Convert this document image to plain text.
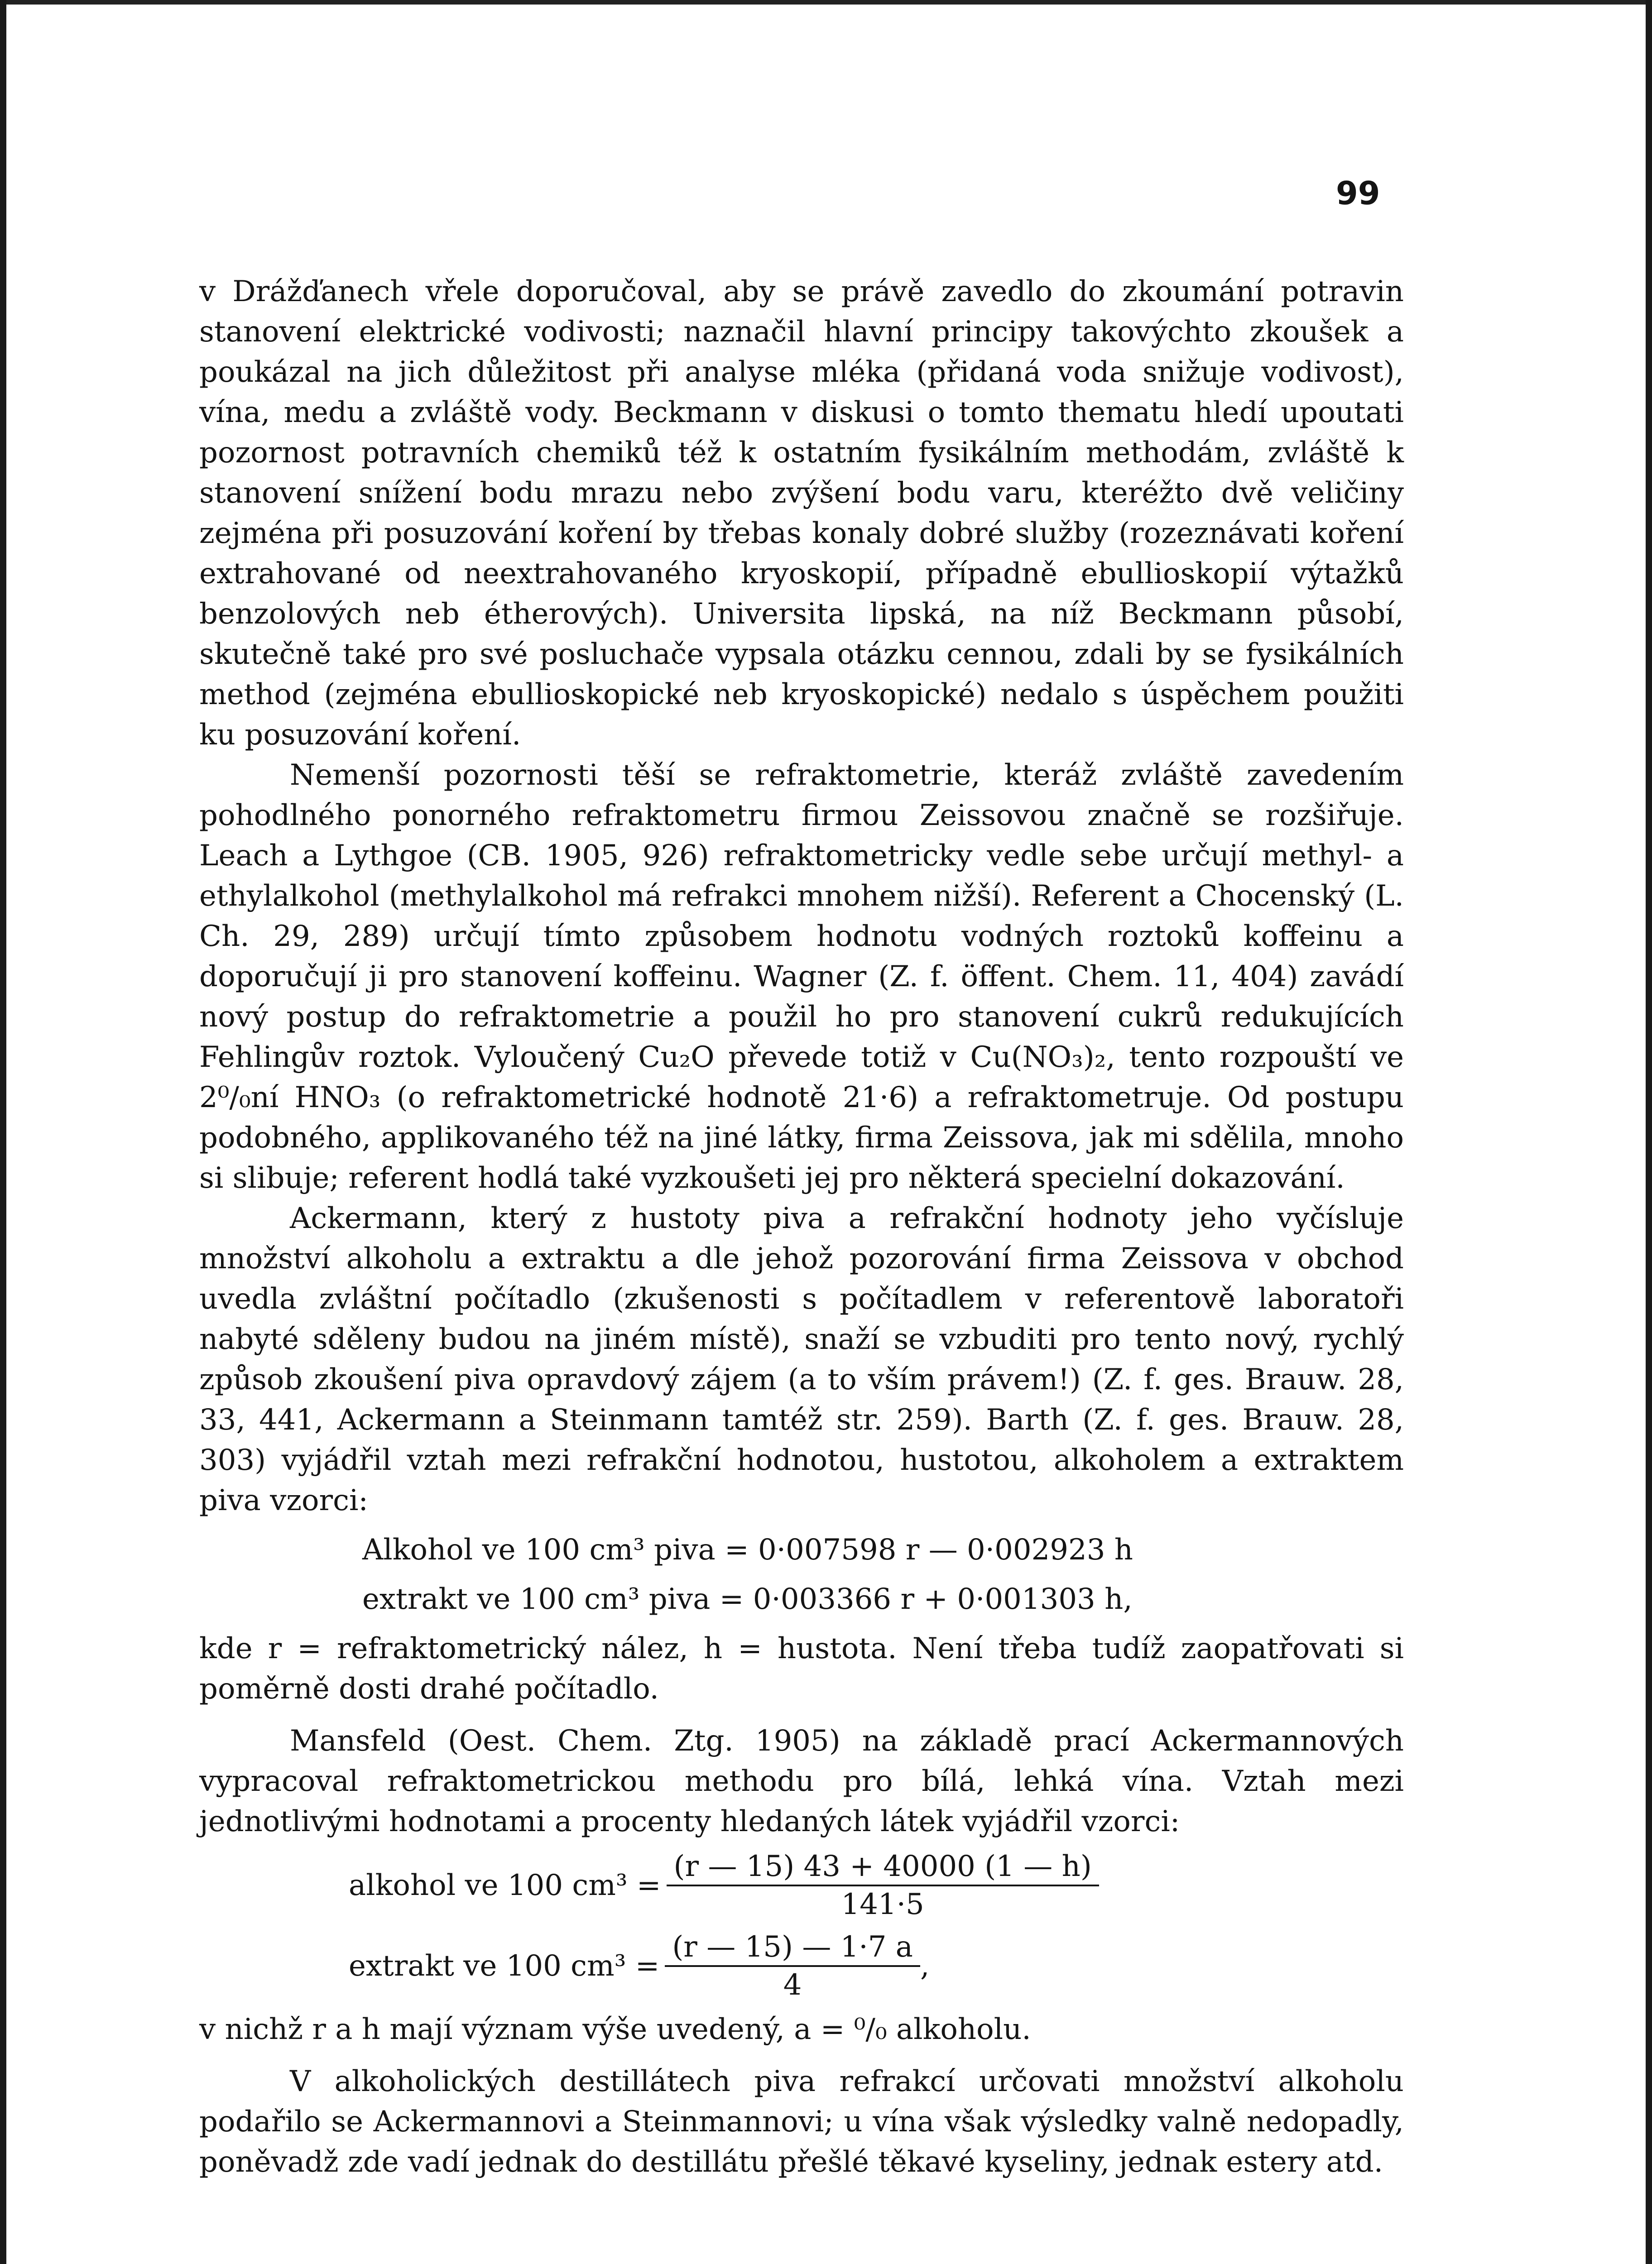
99

v Drážďanech vřele doporučoval, aby se právě zavedlo do zkoumání potravin stanovení elektrické vodivosti; naznačil hlavní principy takovýchto zkoušek a poukázal na jich důležitost při analyse mléka (přidaná voda snižuje vodivost), vína, medu a zvláště vody. Beckmann v diskusi o tomto thematu hledí upoutati pozornost potravních chemiků též k ostatním fysikálním methodám, zvláště k stanovení snížení bodu mrazu nebo zvýšení bodu varu, kteréžto dvě veličiny zejména při posuzování koření by třebas konaly dobré služby (rozeznávati koření extrahované od neextrahovaného kryoskopií, případně ebullioskopií výtažků benzolových neb étherových). Universita lipská, na níž Beckmann působí, skutečně také pro své posluchače vypsala otázku cennou, zdali by se fysikálních method (zejména ebullioskopické neb kryoskopické) nedalo s úspěchem použiti ku posuzování koření.

Nemenší pozornosti těší se refraktometrie, kteráž zvláště zavedením pohodlného ponorného refraktometru firmou Zeissovou značně se rozšiřuje. Leach a Lythgoe (CB. 1905, 926) refraktometricky vedle sebe určují methyl- a ethylalkohol (methylalkohol má refrakci mnohem nižší). Referent a Chocenský (L. Ch. 29, 289) určují tímto způsobem hodnotu vodných roztoků koffeinu a doporučují ji pro stanovení koffeinu. Wagner (Z. f. öffent. Chem. 11, 404) zavádí nový postup do refraktometrie a použil ho pro stanovení cukrů redukujících Fehlingův roztok. Vyloučený Cu₂O převede totiž v Cu(NO₃)₂, tento rozpouští ve 2⁰/₀ní HNO₃ (o refraktometrické hodnotě 21·6) a refraktometruje. Od postupu podobného, applikovaného též na jiné látky, firma Zeissova, jak mi sdělila, mnoho si slibuje; referent hodlá také vyzkoušeti jej pro některá specielní dokazování.

Ackermann, který z hustoty piva a refrakční hodnoty jeho vyčísluje množství alkoholu a extraktu a dle jehož pozorování firma Zeissova v obchod uvedla zvláštní počítadlo (zkušenosti s počítadlem v referentově laboratoři nabyté sděleny budou na jiném místě), snaží se vzbuditi pro tento nový, rychlý způsob zkoušení piva opravdový zájem (a to vším právem!) (Z. f. ges. Brauw. 28, 33, 441, Ackermann a Steinmann tamtéž str. 259). Barth (Z. f. ges. Brauw. 28, 303) vyjádřil vztah mezi refrakční hodnotou, hustotou, alkoholem a extraktem piva vzorci:

Alkohol ve 100 cm³ piva = 0·007598 r — 0·002923 h
extrakt ve 100 cm³ piva = 0·003366 r + 0·001303 h,

kde r = refraktometrický nález, h = hustota. Není třeba tudíž zaopatřovati si poměrně dosti drahé počítadlo.

Mansfeld (Oest. Chem. Ztg. 1905) na základě prací Ackermannových vypracoval refraktometrickou methodu pro bílá, lehká vína. Vztah mezi jednotlivými hodnotami a procenty hledaných látek vyjádřil vzorci:

alkohol ve 100 $cm^3 = \frac{(r — 15) 43 + 40000 (1 — h)}{141\cdot 5}$
extrakt ve 100 $cm^3 = \frac{(r — 15) — 1\cdot 7 a}{4}$ ,

v nichž r a h mají význam výše uvedený, a = ⁰/₀ alkoholu.

V alkoholických destillátech piva refrakcí určovati množství alkoholu podařilo se Ackermannovi a Steinmannovi; u vína však výsledky valně nedopadly, poněvadž zde vadí jednak do destillátu přešlé těkavé kyseliny, jednak estery atd.
